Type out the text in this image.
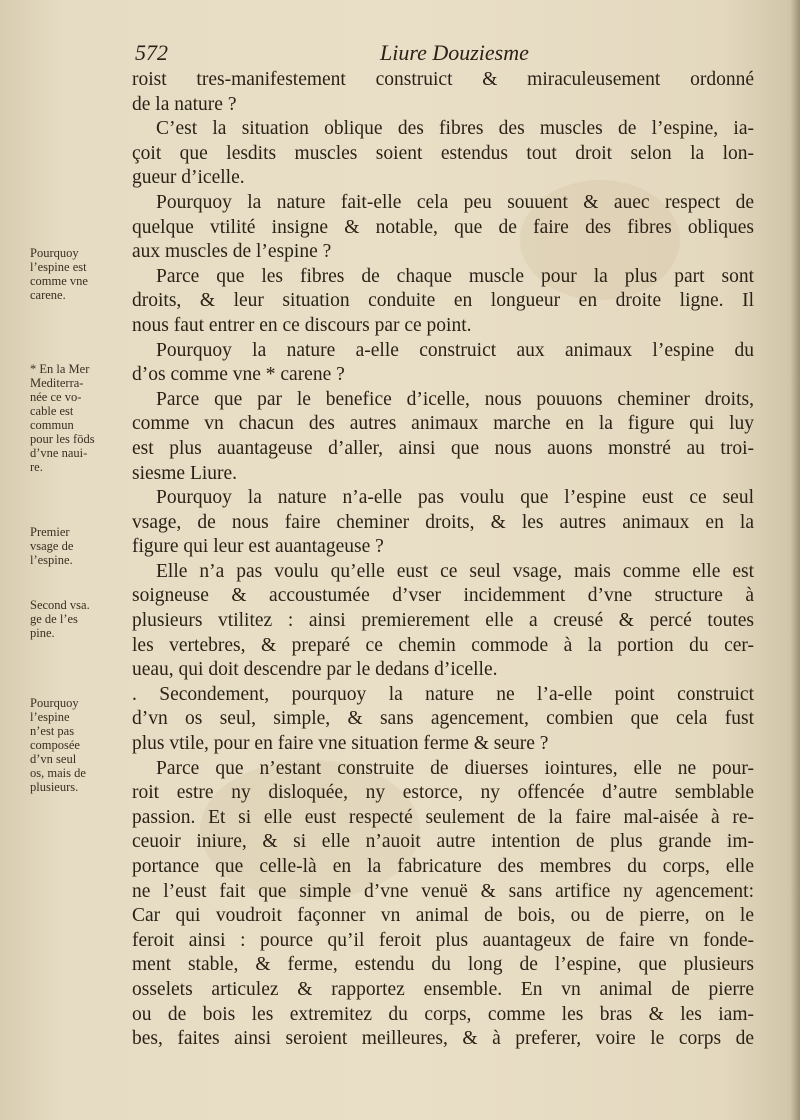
572	Liure Douziesme
roist tres-manifestement construict & miraculeusement ordonné
de la nature ?
C’est la situation oblique des fibres des muscles de l’espine, ia-
çoit que lesdits muscles soient estendus tout droit selon la lon-
gueur d’icelle.
Pourquoy la nature fait-elle cela peu souuent & auec respect de
quelque vtilité insigne & notable, que de faire des fibres obliques
aux muscles de l’espine ?
Parce que les fibres de chaque muscle pour la plus part sont
droits, & leur situation conduite en longueur en droite ligne. Il
nous faut entrer en ce discours par ce point.
Pourquoy la nature a-elle construict aux animaux l’espine du
d’os comme vne * carene ?
Parce que par le benefice d’icelle, nous pouuons cheminer droits,
comme vn chacun des autres animaux marche en la figure qui luy
est plus auantageuse d’aller, ainsi que nous auons monstré au troi-
siesme Liure.
Pourquoy la nature n’a-elle pas voulu que l’espine eust ce seul
vsage, de nous faire cheminer droits, & les autres animaux en la
figure qui leur est auantageuse ?
Elle n’a pas voulu qu’elle eust ce seul vsage, mais comme elle est
soigneuse & accoustumée d’vser incidemment d’vne structure à
plusieurs vtilitez : ainsi premierement elle a creusé & percé toutes
les vertebres, & preparé ce chemin commode à la portion du cer-
ueau, qui doit descendre par le dedans d’icelle.
. Secondement, pourquoy la nature ne l’a-elle point construict
d’vn os seul, simple, & sans agencement, combien que cela fust
plus vtile, pour en faire vne situation ferme & seure ?
Parce que n’estant construite de diuerses iointures, elle ne pour-
roit estre ny disloquée, ny estorce, ny offencée d’autre semblable
passion. Et si elle eust respecté seulement de la faire mal-aisée à re-
ceuoir iniure, & si elle n’auoit autre intention de plus grande im-
portance que celle-là en la fabricature des membres du corps, elle
ne l’eust fait que simple d’vne venuë & sans artifice ny agencement:
Car qui voudroit façonner vn animal de bois, ou de pierre, on le
feroit ainsi : pource qu’il feroit plus auantageux de faire vn fonde-
ment stable, & ferme, estendu du long de l’espine, que plusieurs
osselets articulez & rapportez ensemble. En vn animal de pierre
ou de bois les extremitez du corps, comme les bras & les iam-
bes, faites ainsi seroient meilleures, & à preferer, voire le corps de
Pourquoy
l’espine est
comme vne
carene.
* En la Mer
Mediterra-
née ce vo-
cable est
commun
pour les fōds
d’vne naui-
re.
Premier
vsage de
l’espine.
Second vsa.
ge de l’es
pine.
Pourquoy
l’espine
n’est pas
composée
d’vn seul
os, mais de
plusieurs.
